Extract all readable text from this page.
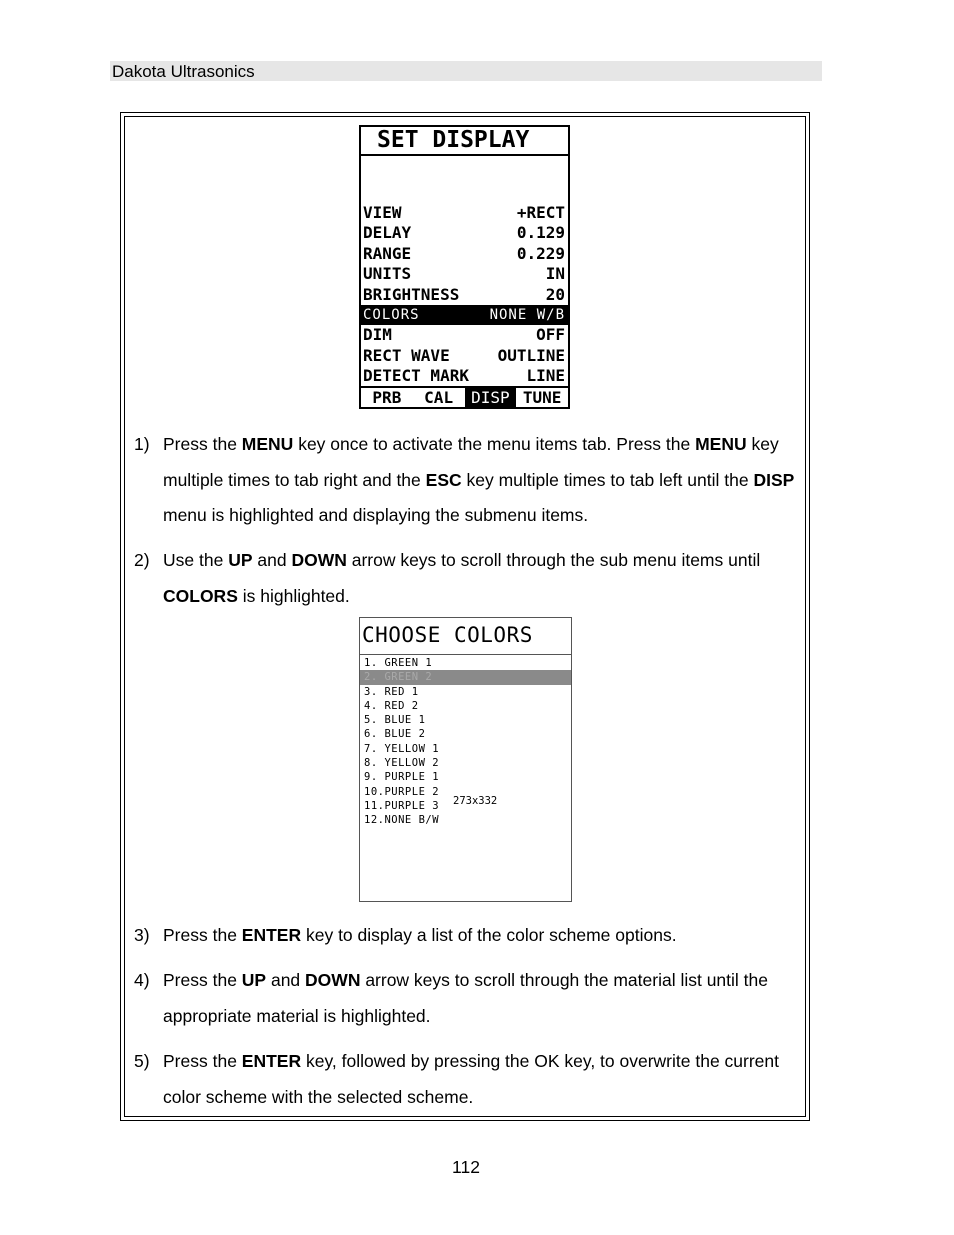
Dakota Ultrasonics
SET DISPLAY
VIEW	+RECT
DELAY	0.129
RANGE	0.229
UNITS	IN
BRIGHTNESS	20
COLORS	NONE W/B
DIM	OFF
RECT WAVE	OUTLINE
DETECT MARK	LINE
PRB	CAL	DISP TUNE
1) Press the MENU key once to activate the menu items tab. Press the MENU key multiple times to tab right and the ESC key multiple times to tab left until the DISP menu is highlighted and displaying the submenu items.
2) Use the UP and DOWN arrow keys to scroll through the sub menu items until COLORS is highlighted.
CHOOSE COLORS
1. GREEN 1
2. GREEN 2
3. RED 1
4. RED 2
5. BLUE 1
6. BLUE 2
7. YELLOW 1
8. YELLOW 2
9. PURPLE 1
10.PURPLE 2
11.PURPLE 3
12.NONE B/W
273x332
3) Press the ENTER key to display a list of the color scheme options.
4) Press the UP and DOWN arrow keys to scroll through the material list until the appropriate material is highlighted.
5) Press the ENTER key, followed by pressing the OK key, to overwrite the current color scheme with the selected scheme.
112
